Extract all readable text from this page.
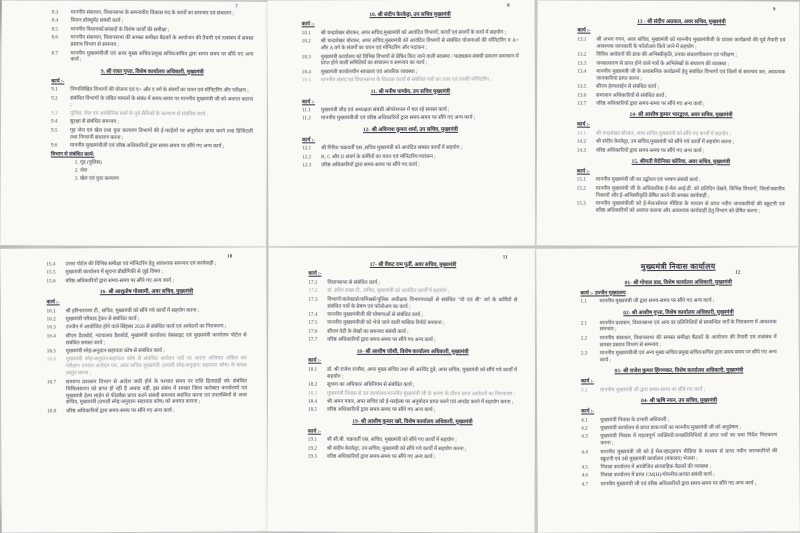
7
8.3	माननीय संसाधन, विधानसभा के समन्वयीय विकास मद के कार्यों का समन्वय एवं संचालन ;
8.4	विजन डॉक्यूमेंट संबंधी कार्य ;
8.5	माननीय विधायकों/सांसदों के विशेष कार्यों की समीक्षा ;
8.6	माननीय संसाधन, विधानसभा की समस्त समीक्षा बैठकों के आयोजन की तैयारी एवं तत्संबंध में समस्त प्रस्ताव विभाग से समन्वय ;
8.7	माननीय मुख्यमंत्रीजी एवं अपर मुख्य सचिव/प्रमुख सचिव/सचिव द्वारा समय समय पर सौंपे गए अन्य कार्य ;
9. श्री रजत गुप्ता, विशेष कार्यालय अधिकारी, मुख्यमंत्री
कार्य :-
9.1	निम्नलिखित विभागों की योजना एवं ए+ और ए वर्ग के संवर्गों का चयन एवं मॉनिटरिंग और परीक्षण ;
9.2	संबंधित विभागों के लंबित मामलों के संबंध में समय-समय पर माननीय मुख्यमंत्री जी को अवगत कराना ;
9.3	पुलिस, जेल एवं अर्धसैनिक बलों के पूर्व सैनिकों के कल्याण से संबंधित कार्य ;
9.4	सुरक्षा से संबंधित समन्वय ;
9.5	गृह जेल एवं खेल तथा युवा कल्याण विभागों की ई-फाईलों पर अनुमोदन प्राप्त करने तथा डिजिटली तथा निगरानी संधारण करना ;
9.6	माननीय मुख्यमंत्रीजी एवं वरिष्ठ अधिकारियों द्वारा समय-समय पर सौंपे गए अन्य कार्य ;
विभाग से संबंधित कार्य:
1. गृह (पुलिस)
2. जेल
3. खेल एवं युवा कल्याण
8
10. श्री संदीप केरकेट्टा, उप सचिव मुख्यमंत्री
कार्य :-
10.1	श्री चन्द्रशेखर बोरकर, अपर सचिव,मुख्यमंत्री को आवंटित विभागों, कार्यों एवं संवर्गों के कार्य में सहयोग ;
10.2	श्री चन्द्रशेखर बोरकर, अपर सचिव,मुख्यमंत्री को आवंटित विभागों से संबंधित योजनाओं की मॉनिटरिंग व A+ और A वर्ग के संवर्गों का चयन एवं मॉनिटरिंग और पदांकन ;
10.3	मुख्यमंत्री कार्यालय को विभिन्न विभागों से प्रेषित किए जाने वाली स्वास्थ्य / पाठ्यक्रम संबंधी प्रकरण समाधान में प्राप्त होने वाली समितियों का संचालन व समन्वय का कार्य ;
10.4	मुख्यमंत्री कार्यालयीन स्वच्छता एवं आंतरिक व्यवस्था ;
10.5	माननीय संसद एवं विधानसभा के विकास कार्यों से संबंधित पत्रों का उत्तर एवं उनकी मॉनिटरिंग ;
11. श्री मनीष पाण्डेय, उप सचिव मुख्यमंत्री
कार्य :-
11.1	मुख्यमंत्री लीड एवं अध्यक्षता संबंधी ऑपरेशनल में चल रहे समस्त कार्य ;
11.2	माननीय मुख्यमंत्रीजी एवं वरिष्ठ अधिकारियों द्वारा समय-समय पर सौंपे गए अन्य कार्य ;
12- श्री अविनाश कुमार शर्मा, उप सचिव, मुख्यमंत्री
कार्य :-
12.1	श्री गिरिश चक्रवर्ती एस.,सचिव मुख्यमंत्री को आवंटित समस्त कार्यों में सहयोग ;
12.2	B, C और D संवर्ग के कर्मियों का चयन एवं मॉनिटरिंग/पदांकन ;
12.3	वरिष्ठ अधिकारियों द्वारा समय-समय पर सौंपे गए कार्य ;
9
13 - श्री संदीप अग्रवाल, अवर सचिव, मुख्यमंत्री
कार्य :-
13.1	श्री अभय गगन, अवर सचिव, मुख्यमंत्री को माननीय मुख्यमंत्रीजी के प्रवास कार्यक्रमों की पूर्व तैयारी एवं आवश्यक जानकारी के फॉलोअप किये जाने में सहयोग ;
13.2	विविध आवेदनों की डाक की अभिस्वीकृति, उनका संधारणीकरण एवं परीक्षण ;
13.3	जनसाधारण से प्राप्त होने वाले पत्रों के अभिलेखों के संधारण की व्यवस्था ;
13.4	माननीय मुख्यमंत्री जी के प्रशासनिक कार्यक्रमों हेतु संबंधित विभागों एवं जिलों से समन्वय कर, आवश्यक जानकारियां प्राप्त करना ;
13.5	सीएम हेल्पलाईन से संबंधित कार्य ;
13.6	समाधान अधिकारियों से संबंधित कार्य ;
13.7	वरिष्ठ अधिकारियों द्वारा समय-समय पर सौंपे गए अन्य कार्य ;
14- श्री आशीष कुमार भारद्वाज, अवर सचिव, मुख्यमंत्री
कार्य :-
14.1	श्री चन्द्रशेखर बोरकर, अपर सचिव,मुख्यमंत्री को सौंपे गए कार्यों में सहयोग ;
14.2	श्री संदीप केरकेट्टा, उप सचिव,मुख्यमंत्री को सौंपे गये कार्यों में सहयोग करना ;
14.3	वरिष्ठ अधिकारियों द्वारा समय-समय पर सौंपे गए अन्य कार्य ;
15. श्रीमती वेरोनिका कोरिया, अवर सचिव, मुख्यमंत्री
कार्य :-
15.1	माननीय मुख्यमंत्री जी का उद्बोधन एवं भाषण संबंधी कार्य ;
15.2	माननीय मुख्यमंत्री जी के अधिकारिक ई-मेल आई.डी. को प्रतिदिन देखने, विभिन्न विभागों, जिलों/स्थानीय निकायों और ई-अभिस्वीकृति प्रेषित करने की समस्त कार्यवाही ;
15.3	माननीय मुख्यमंत्रीजी को ई-मेल/सोशल मीडिया के माध्यम से प्राप्त नवीन जानकारियों की स्क्रूटनी एवं वरिष्ठ अधिकारियों को अवगत कराना और आवश्यक कार्यवाही हेतु विभाग को प्रेषित करना ;
10
15.4	उत्तरा पोर्टल की विभिन्न समीक्षा एवं मॉनिटरिंग हेतु आवश्यक समन्वय एवं कार्यवाही ;
15.5	मुख्यमंत्री कार्यालय में सूचना प्रौद्योगिकी से जुड़े विषय ;
15.6	वरिष्ठ अधिकारियों द्वारा समय-समय पर सौंपे गए अन्य कार्य ;
16- श्री आशुतोष गोस्वामी, अवर सचिव, मुख्यमंत्री
कार्य :-
16.1	श्री हरिनारायण टी., सचिव, मुख्यमंत्री को सौंपे गये कार्यों में सहयोग करना ;
16.2	मुख्यमंत्री परिवाद ट्रेकर से संबंधित कार्य ;
16.3	उज्जैन में आयोजित होने वाले सिंहस्थ 2028 से संबंधित कार्य एवं आवेदनों का निराकरण ;
16.4	सीएम डैशबोर्ड, न्यायालय डैशबोर्ड, मुख्यमंत्री कार्यालय वेबसाइट एवं मुख्यमंत्री कार्यालय पोर्टल से संबंधित समस्त कार्य ;
16.5	मुख्यमंत्री स्नेह/अनुदान सहायता कोष से संबंधित कार्य ;
16.6	मुख्यमंत्री स्नेह/अनुदान/सहायता कोष से संबंधित आवेदन पत्रों पर अपना अभिमत अंकित कर परीक्षण उपरांत आवेदन पत्र, अवर सचिव मुख्यमंत्री (प्रभारी स्नेह/अनुदान/ सहायता कोष) के समक्ष प्रस्तुत करना ;
16.7	सामान्य प्रशासन विभाग से आदेश जारी होने के पश्चात समय पर राशि हितग्राही को/ संबंधित चिकित्सालय को प्राप्त हो रही है अथवा नहीं, इस संबंध में समस्त जिला कलेक्टर कार्यालयों एवं मुख्यमंत्री हेल्प लाईन से फीडबैक प्राप्त करने संबंधी समन्वय स्थापित करना एवं उपलब्धियों से अवर सचिव, मुख्यमंत्री (प्रभारी स्नेह/अनुदान/ सहायता कोष) को अवगत कराना ;
16.8	वरिष्ठ अधिकारियों द्वारा समय-समय पर सौंपे गए अन्य कार्य ;
11
17- श्री वेंकट राम पूर्ती, अवर सचिव, मुख्यमंत्री
कार्य :-
17.1	विधानसभा से संबंधित कार्य ;
17.2	डॉ. हरीश सखा टी., सचिव, मुख्यमंत्री को आवंटित कार्यों में सहयोग ;
17.3	विभागों/कलेक्टर्स/कमिश्नर्स/पुलिस अधीक्षक विभागाध्यक्षों से संबंधित "यो एवं बी" वर्ग के कर्मियों से संबंधित पत्रों के प्रेषण एवं फॉलोअप का कार्य ;
17.4	माननीय मुख्यमंत्रीजी की घोषणाओं से संबंधित कार्य ;
17.5	माननीय मुख्यमंत्रीजी को भेजे जाने वाली मासिक रिपोर्ट बनवाना ;
17.6	सीएम पेटी के लेखों का समन्वय संबंधी कार्य ;
17.7	वरिष्ठ अधिकारियों द्वारा समय-समय पर सौंपे गए अन्य कार्य ;
18- श्री आशीष जोशी, विशेष कार्यालय अधिकारी, मुख्यमंत्री
कार्य :-
18.1	डॉ. श्री राजेश राजौरा, अपर मुख्य सचिव तथा श्री अरविंद दुबे, अपर सचिव, मुख्यमंत्री को सौंपे गये कार्यों में सहयोग ;
18.2	सूचना का अधिकार अधिनियम से संबंधित कार्य ;
18.3	मुख्यमंत्री निवास से उप कार्यालय/माननीय मुख्यमंत्री जी के भ्रमण के दौरान प्राप्त आवेदनों का निराकरण ;
18.4	श्री अमन पवार, अपर सचिव को ई-फाईल्स पर अनुमोदन प्राप्त करने एवं अपडेट करने में सहयोग करना ;
18.5	वरिष्ठ अधिकारियों द्वारा समय-समय पर सौंपे गए अन्य कार्य ;
19- श्री आशीष कुमार खरे, विशेष कार्यालय अधिकारी, मुख्यमंत्री
कार्य :-
19.1	श्री सी.बी. चक्रवर्ती एस, सचिव, मुख्यमंत्री को सौंपे गए कार्यों में सहयोग ;
19.2	श्री संदीप केरकेट्टा, उप सचिव, मुख्यमंत्री को सौंपे गये कार्यों में सहयोग करना ;
19.3	वरिष्ठ अधिकारियों द्वारा समय-समय पर सौंपे गए अन्य कार्य ;
12
मुख्यमंत्री निवास कार्यालय
01- श्री गोपाल डाड, विशेष कार्यालय अधिकारी, मुख्यमंत्री
कार्य :- उज्जैन मुख्यालय
1.1	माननीय मुख्यमंत्री जी द्वारा समय-समय पर सौंपे गए अन्य कार्य ;
02- श्री आशीष गुप्ता, विशेष कार्यालय अधिकारी, मुख्यमंत्री
2.1	माननीय प्रशासन, विधानसभा एवं अन्य वर प्रतिनिधियों से सम्बन्धित वर्गों के निराकरण में आवश्यक समन्वय ;
2.2	माननीय संसाधन, विधानसभा की समस्त समीक्षा बैठकों के आयोजन की तैयारी एवं तत्संबंध में समस्त प्रस्ताव विभाग से समन्वय ;
2.3	माननीय मुख्यमंत्रीजी एवं अन्य मुख्य सचिव/प्रमुख सचिव/सचिव द्वारा समय समय पर सौंपे गए अन्य कार्य ;
03- श्री राजेश कुमार हिंगणकर, विशेष कार्यालय अधिकारी, मुख्यमंत्री
कार्य :-
3.1	माननीय मुख्यमंत्री जी द्वारा समय-समय पर सौंपे गए कार्य ;
04- श्री ऋषि नयन, उप सचिव, मुख्यमंत्री
कार्य :-
4.1	मुख्यमंत्री निवास के प्रभारी अधिकारी ;
4.2	मुख्यमंत्री कार्यालय से प्राप्त डाक/पत्रों का माननीय मुख्यमंत्री जी को अनुप्रेषण ;
4.3	मुख्यमंत्री निवास में महत्वपूर्ण व्यक्तियों/जनप्रतिनिधियों से प्राप्त पत्रों का यथा निर्देश निराकरण करना ;
4.4	माननीय मुख्यमंत्री जी को ई मेल/व्हाट्सएप मीडिया के माध्यम से प्राप्त नवीन जानकारियों की स्क्रूटनी एवं उसे मुख्यमंत्री कार्यालय (मंत्रालय) भेजना ;
4.5	निवास कार्यालय में आयोजित साप्ताहिक बैठकों की व्यवस्था ;
4.6	निवास कार्यालय में प्राप्त CM(H)/गोपनीय/अत्यंत संबंधी कार्य ;
4.7	माननीय मुख्यमंत्री जी एवं वरिष्ठ अधिकारियों द्वारा समय-समय पर सौंपे गए अन्य कार्य ;
